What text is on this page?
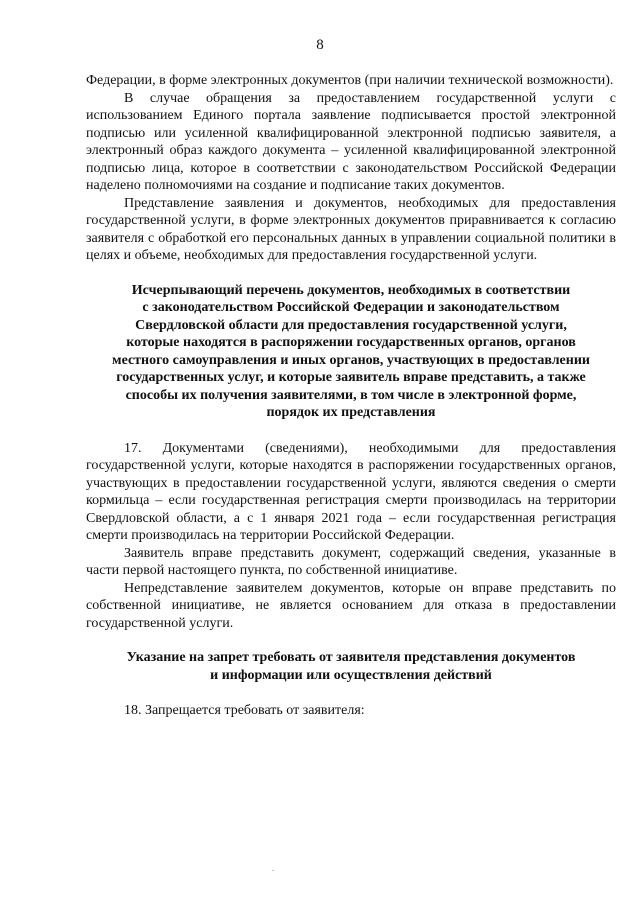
8

Федерации, в форме электронных документов (при наличии технической возможности).

В случае обращения за предоставлением государственной услуги с использованием Единого портала заявление подписывается простой электронной подписью или усиленной квалифицированной электронной подписью заявителя, а электронный образ каждого документа – усиленной квалифицированной электронной подписью лица, которое в соответствии с законодательством Российской Федерации наделено полномочиями на создание и подписание таких документов.

Представление заявления и документов, необходимых для предоставления государственной услуги, в форме электронных документов приравнивается к согласию заявителя с обработкой его персональных данных в управлении социальной политики в целях и объеме, необходимых для предоставления государственной услуги.

Исчерпывающий перечень документов, необходимых в соответствии
с законодательством Российской Федерации и законодательством
Свердловской области для предоставления государственной услуги,
которые находятся в распоряжении государственных органов, органов
местного самоуправления и иных органов, участвующих в предоставлении
государственных услуг, и которые заявитель вправе представить, а также
способы их получения заявителями, в том числе в электронной форме,
порядок их представления

17. Документами (сведениями), необходимыми для предоставления государственной услуги, которые находятся в распоряжении государственных органов, участвующих в предоставлении государственной услуги, являются сведения о смерти кормильца – если государственная регистрация смерти производилась на территории Свердловской области, а с 1 января 2021 года – если государственная регистрация смерти производилась на территории Российской Федерации.

Заявитель вправе представить документ, содержащий сведения, указанные в части первой настоящего пункта, по собственной инициативе.

Непредставление заявителем документов, которые он вправе представить по собственной инициативе, не является основанием для отказа в предоставлении государственной услуги.

Указание на запрет требовать от заявителя представления документов
и информации или осуществления действий

18. Запрещается требовать от заявителя:

.
